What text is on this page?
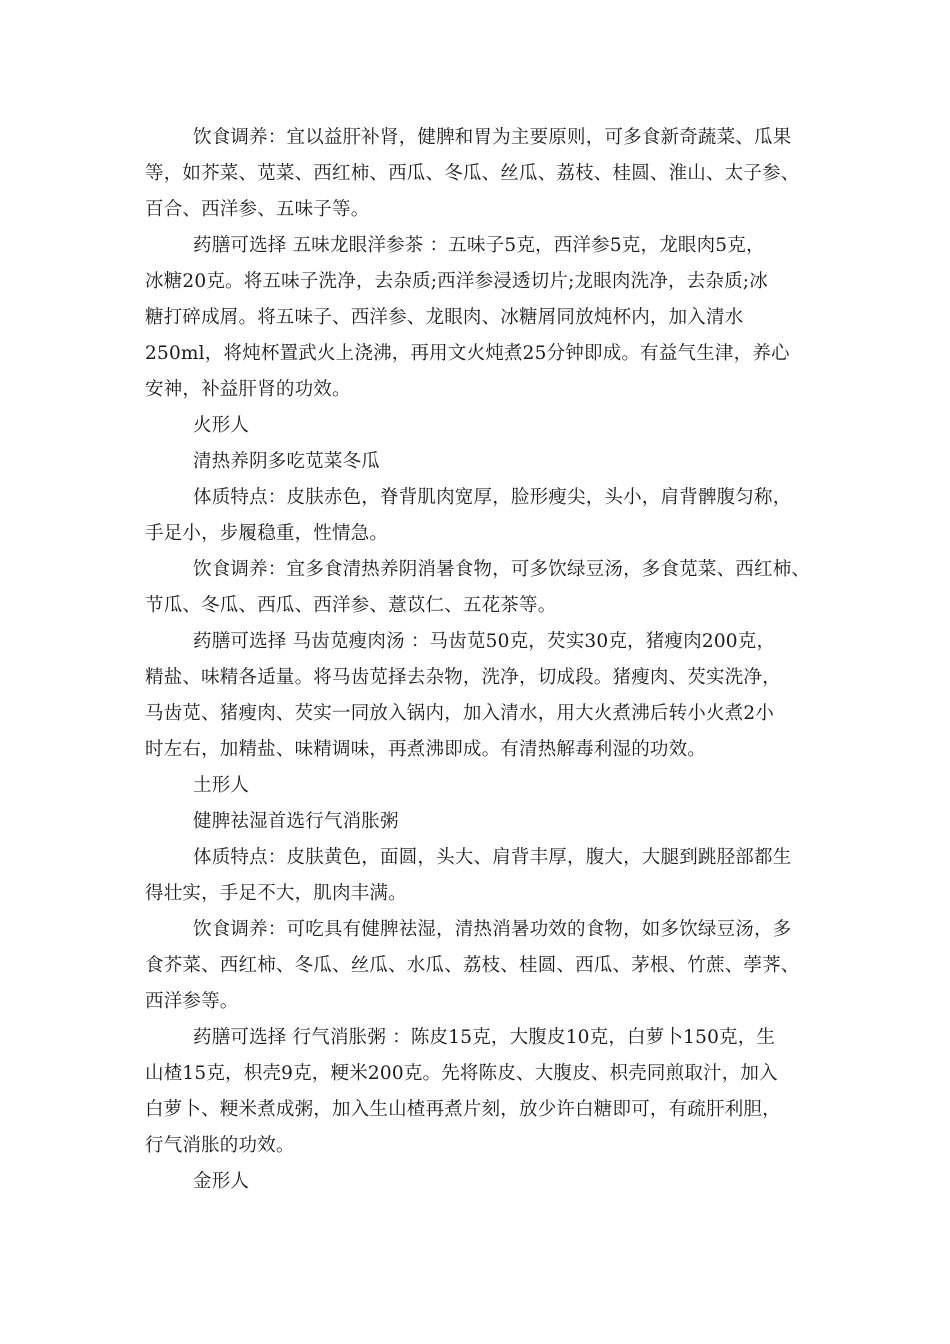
饮食调养：宜以益肝补肾，健脾和胃为主要原则，可多食新奇蔬菜、瓜果
等，如芥菜、苋菜、西红柿、西瓜、冬瓜、丝瓜、荔枝、桂圆、淮山、太子参、
百合、西洋参、五味子等。
药膳可选择 五味龙眼洋参茶 ：五味子5克，西洋参5克，龙眼肉5克，
冰糖20克。将五味子洗净，去杂质;西洋参浸透切片;龙眼肉洗净，去杂质;冰
糖打碎成屑。将五味子、西洋参、龙眼肉、冰糖屑同放炖杯内，加入清水
250ml，将炖杯置武火上浇沸，再用文火炖煮25分钟即成。有益气生津，养心
安神，补益肝肾的功效。
火形人
清热养阴多吃苋菜冬瓜
体质特点：皮肤赤色，脊背肌肉宽厚，脸形瘦尖，头小，肩背髀腹匀称，
手足小，步履稳重，性情急。
饮食调养：宜多食清热养阴消暑食物，可多饮绿豆汤，多食苋菜、西红柿、
节瓜、冬瓜、西瓜、西洋参、薏苡仁、五花茶等。
药膳可选择 马齿苋瘦肉汤 ：马齿苋50克，芡实30克，猪瘦肉200克，
精盐、味精各适量。将马齿苋择去杂物，洗净，切成段。猪瘦肉、芡实洗净，
马齿苋、猪瘦肉、芡实一同放入锅内，加入清水，用大火煮沸后转小火煮2小
时左右，加精盐、味精调味，再煮沸即成。有清热解毒利湿的功效。
土形人
健脾祛湿首选行气消胀粥
体质特点：皮肤黄色，面圆，头大、肩背丰厚，腹大，大腿到跳胫部都生
得壮实，手足不大，肌肉丰满。
饮食调养：可吃具有健脾祛湿，清热消暑功效的食物，如多饮绿豆汤，多
食芥菜、西红柿、冬瓜、丝瓜、水瓜、荔枝、桂圆、西瓜、茅根、竹蔗、荸荠、
西洋参等。
药膳可选择 行气消胀粥 ：陈皮15克，大腹皮10克，白萝卜150克，生
山楂15克，枳壳9克，粳米200克。先将陈皮、大腹皮、枳壳同煎取汁，加入
白萝卜、粳米煮成粥，加入生山楂再煮片刻，放少许白糖即可，有疏肝利胆，
行气消胀的功效。
金形人
